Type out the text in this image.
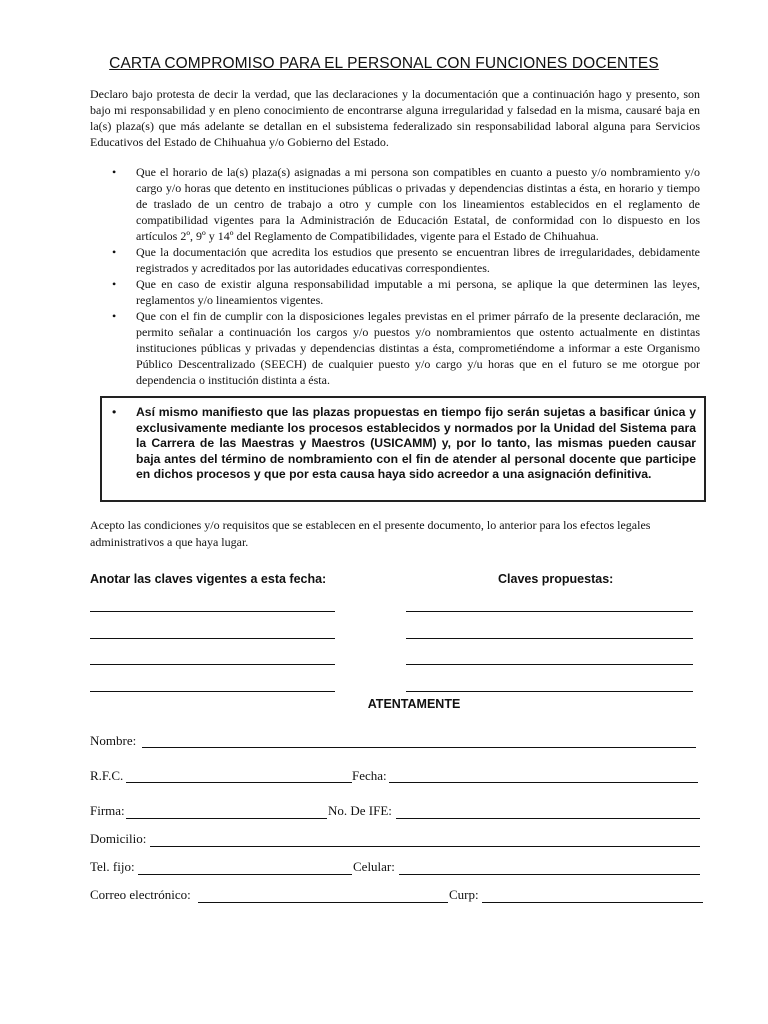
CARTA COMPROMISO PARA EL PERSONAL CON FUNCIONES DOCENTES
Declaro bajo protesta de decir la verdad, que las declaraciones y la documentación que a continuación hago y presento, son bajo mi responsabilidad y en pleno conocimiento de encontrarse alguna irregularidad y falsedad en la misma, causaré baja en la(s) plaza(s) que más adelante se detallan en el subsistema federalizado sin responsabilidad laboral alguna para Servicios Educativos del Estado de Chihuahua y/o Gobierno del Estado.
• Que el horario de la(s) plaza(s) asignadas a mi persona son compatibles en cuanto a puesto y/o nombramiento y/o cargo y/o horas que detento en instituciones públicas o privadas y dependencias distintas a ésta, en horario y tiempo de traslado de un centro de trabajo a otro y cumple con los lineamientos establecidos en el reglamento de compatibilidad vigentes para la Administración de Educación Estatal, de conformidad con lo dispuesto en los artículos 2º, 9º y 14º del Reglamento de Compatibilidades, vigente para el Estado de Chihuahua.
• Que la documentación que acredita los estudios que presento se encuentran libres de irregularidades, debidamente registrados y acreditados por las autoridades educativas correspondientes.
• Que en caso de existir alguna responsabilidad imputable a mi persona, se aplique la que determinen las leyes, reglamentos y/o lineamientos vigentes.
• Que con el fin de cumplir con la disposiciones legales previstas en el primer párrafo de la presente declaración, me permito señalar a continuación los cargos y/o puestos y/o nombramientos que ostento actualmente en distintas instituciones públicas y privadas y dependencias distintas a ésta, comprometiéndome a informar a este Organismo Público Descentralizado (SEECH) de cualquier puesto y/o cargo y/u horas que en el futuro se me otorgue por dependencia o institución distinta a ésta.
• Así mismo manifiesto que las plazas propuestas en tiempo fijo serán sujetas a basificar única y exclusivamente mediante los procesos establecidos y normados por la Unidad del Sistema para la Carrera de las Maestras y Maestros (USICAMM) y, por lo tanto, las mismas pueden causar baja antes del término de nombramiento con el fin de atender al personal docente que participe en dichos procesos y que por esta causa haya sido acreedor a una asignación definitiva.
Acepto las condiciones y/o requisitos que se establecen en el presente documento, lo anterior para los efectos legales administrativos a que haya lugar.
Anotar las claves vigentes a esta fecha:	Claves propuestas:
ATENTAMENTE
Nombre:
R.F.C.	Fecha:
Firma:	No. De IFE:
Domicilio:
Tel. fijo:	Celular:
Correo electrónico:	Curp:
